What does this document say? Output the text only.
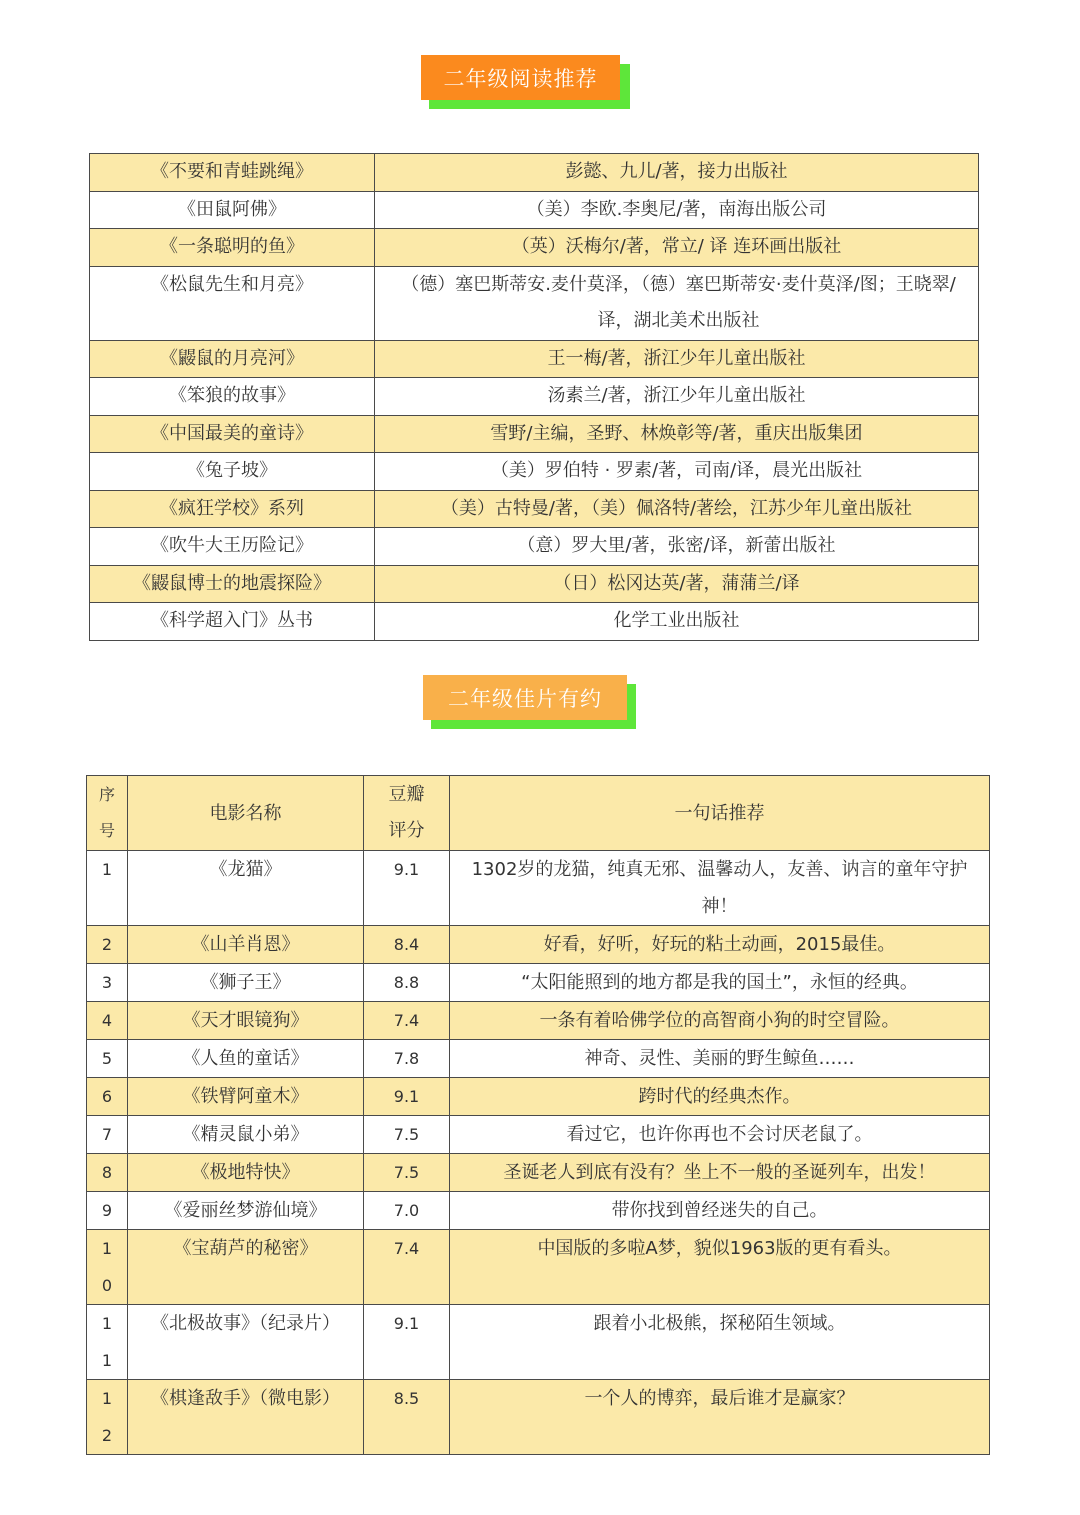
二年级阅读推荐
《不要和青蛙跳绳》	彭懿、九儿/著，接力出版社
《田鼠阿佛》	（美）李欧.李奥尼/著，南海出版公司
《一条聪明的鱼》	（英）沃梅尔/著，常立/ 译 连环画出版社
《松鼠先生和月亮》	（德）塞巴斯蒂安.麦什莫泽，（德）塞巴斯蒂安·麦什莫泽/图；王晓翠/ 译，湖北美术出版社
《鼹鼠的月亮河》	王一梅/著，浙江少年儿童出版社
《笨狼的故事》	汤素兰/著，浙江少年儿童出版社
《中国最美的童诗》	雪野/主编，圣野、林焕彰等/著，重庆出版集团
《兔子坡》	（美）罗伯特 · 罗素/著，司南/译，晨光出版社
《疯狂学校》系列	（美）古特曼/著，（美）佩洛特/著绘，江苏少年儿童出版社
《吹牛大王历险记》	（意）罗大里/著，张密/译，新蕾出版社
《鼹鼠博士的地震探险》	（日）松冈达英/著，蒲蒲兰/译
《科学超入门》丛书	化学工业出版社
二年级佳片有约
序号	电影名称	豆瓣评分	一句话推荐
1	《龙猫》	9.1	1302岁的龙猫，纯真无邪、温馨动人，友善、讷言的童年守护神！
2	《山羊肖恩》	8.4	好看，好听，好玩的粘土动画，2015最佳。
3	《狮子王》	8.8	“太阳能照到的地方都是我的国土”，永恒的经典。
4	《天才眼镜狗》	7.4	一条有着哈佛学位的高智商小狗的时空冒险。
5	《人鱼的童话》	7.8	神奇、灵性、美丽的野生鲸鱼……
6	《铁臂阿童木》	9.1	跨时代的经典杰作。
7	《精灵鼠小弟》	7.5	看过它，也许你再也不会讨厌老鼠了。
8	《极地特快》	7.5	圣诞老人到底有没有？坐上不一般的圣诞列车，出发！
9	《爱丽丝梦游仙境》	7.0	带你找到曾经迷失的自己。
10	《宝葫芦的秘密》	7.4	中国版的多啦A梦，貌似1963版的更有看头。
11	《北极故事》（纪录片）	9.1	跟着小北极熊，探秘陌生领域。
12	《棋逢敌手》（微电影）	8.5	一个人的博弈，最后谁才是赢家？
